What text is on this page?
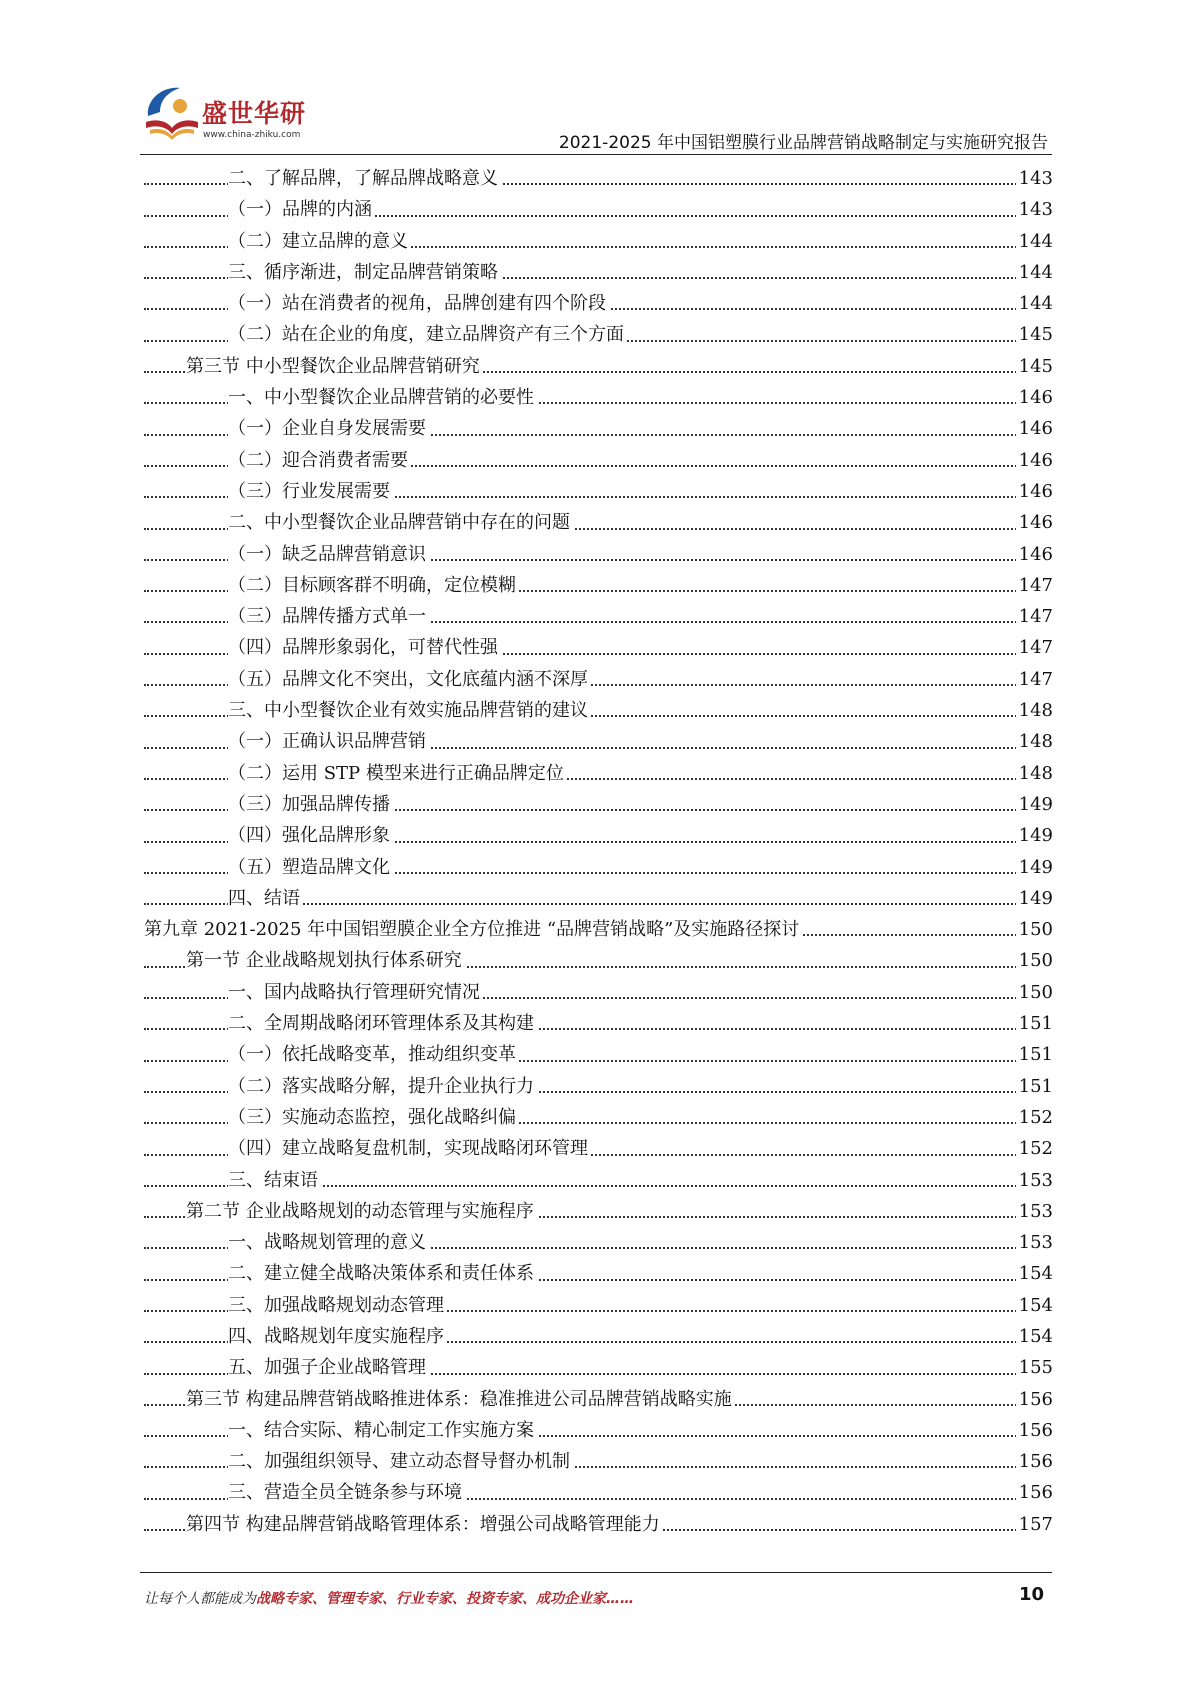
盛世华研
www.china-zhiku.com	2021-2025 年中国铝塑膜行业品牌营销战略制定与实施研究报告
二、了解品牌，了解品牌战略意义	143
（一）品牌的内涵	143
（二）建立品牌的意义	144
三、循序渐进，制定品牌营销策略	144
（一）站在消费者的视角，品牌创建有四个阶段	144
（二）站在企业的角度，建立品牌资产有三个方面	145
第三节 中小型餐饮企业品牌营销研究	145
一、中小型餐饮企业品牌营销的必要性	146
（一）企业自身发展需要	146
（二）迎合消费者需要	146
（三）行业发展需要	146
二、中小型餐饮企业品牌营销中存在的问题	146
（一）缺乏品牌营销意识	146
（二）目标顾客群不明确，定位模糊	147
（三）品牌传播方式单一	147
（四）品牌形象弱化，可替代性强	147
（五）品牌文化不突出，文化底蕴内涵不深厚	147
三、中小型餐饮企业有效实施品牌营销的建议	148
（一）正确认识品牌营销	148
（二）运用 STP 模型来进行正确品牌定位	148
（三）加强品牌传播	149
（四）强化品牌形象	149
（五）塑造品牌文化	149
四、结语	149
第九章 2021-2025 年中国铝塑膜企业全方位推进 “品牌营销战略”及实施路径探讨	150
第一节 企业战略规划执行体系研究	150
一、国内战略执行管理研究情况	150
二、全周期战略闭环管理体系及其构建	151
（一）依托战略变革，推动组织变革	151
（二）落实战略分解，提升企业执行力	151
（三）实施动态监控，强化战略纠偏	152
（四）建立战略复盘机制，实现战略闭环管理	152
三、结束语	153
第二节 企业战略规划的动态管理与实施程序	153
一、战略规划管理的意义	153
二、建立健全战略决策体系和责任体系	154
三、加强战略规划动态管理	154
四、战略规划年度实施程序	154
五、加强子企业战略管理	155
第三节 构建品牌营销战略推进体系：稳准推进公司品牌营销战略实施	156
一、结合实际、精心制定工作实施方案	156
二、加强组织领导、建立动态督导督办机制	156
三、营造全员全链条参与环境	156
第四节 构建品牌营销战略管理体系：增强公司战略管理能力	157
让每个人都能成为战略专家、管理专家、行业专家、投资专家、成功企业家……	10
